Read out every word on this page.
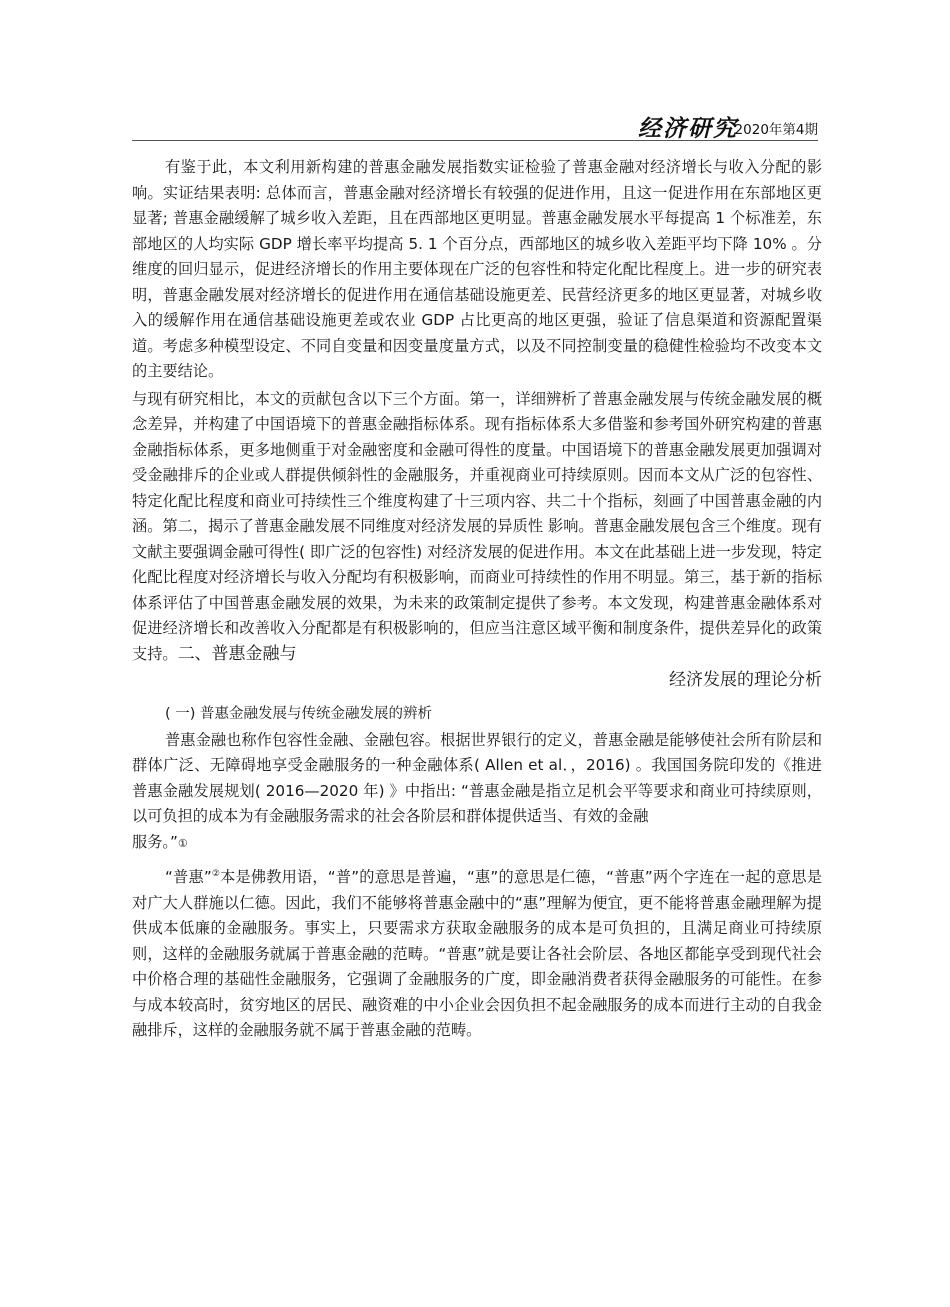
经济研究
2020年第4期

有鉴于此，本文利用新构建的普惠金融发展指数实证检验了普惠金融对经济增长与收入分配的影响。实证结果表明: 总体而言，普惠金融对经济增长有较强的促进作用，且这一促进作用在东部地区更显著; 普惠金融缓解了城乡收入差距，且在西部地区更明显。普惠金融发展水平每提高 1 个标准差，东部地区的人均实际 GDP 增长率平均提高 5. 1 个百分点，西部地区的城乡收入差距平均下降 10% 。分维度的回归显示，促进经济增长的作用主要体现在广泛的包容性和特定化配比程度上。进一步的研究表明，普惠金融发展对经济增长的促进作用在通信基础设施更差、民营经济更多的地区更显著，对城乡收入的缓解作用在通信基础设施更差或农业 GDP 占比更高的地区更强，验证了信息渠道和资源配置渠道。考虑多种模型设定、不同自变量和因变量度量方式，以及不同控制变量的稳健性检验均不改变本文的主要结论。

与现有研究相比，本文的贡献包含以下三个方面。第一，详细辨析了普惠金融发展与传统金融发展的概念差异，并构建了中国语境下的普惠金融指标体系。现有指标体系大多借鉴和参考国外研究构建的普惠金融指标体系，更多地侧重于对金融密度和金融可得性的度量。中国语境下的普惠金融发展更加强调对受金融排斥的企业或人群提供倾斜性的金融服务，并重视商业可持续原则。因而本文从广泛的包容性、特定化配比程度和商业可持续性三个维度构建了十三项内容、共二十个指标，刻画了中国普惠金融的内涵。第二，揭示了普惠金融发展不同维度对经济发展的异质性 影响。普惠金融发展包含三个维度。现有文献主要强调金融可得性( 即广泛的包容性) 对经济发展的促进作用。本文在此基础上进一步发现，特定化配比程度对经济增长与收入分配均有积极影响，而商业可持续性的作用不明显。第三，基于新的指标体系评估了中国普惠金融发展的效果，为未来的政策制定提供了参考。本文发现，构建普惠金融体系对促进经济增长和改善收入分配都是有积极影响的，但应当注意区域平衡和制度条件，提供差异化的政策支持。二、普惠金融与

经济发展的理论分析

( 一) 普惠金融发展与传统金融发展的辨析

普惠金融也称作包容性金融、金融包容。根据世界银行的定义，普惠金融是能够使社会所有阶层和群体广泛、无障碍地享受金融服务的一种金融体系( Allen et al．，2016) 。我国国务院印发的《推进普惠金融发展规划( 2016—2020 年) 》中指出: “普惠金融是指立足机会平等要求和商业可持续原则，以可负担的成本为有金融服务需求的社会各阶层和群体提供适当、有效的金融

服务。”①

“普惠”②本是佛教用语，“普”的意思是普遍，“惠”的意思是仁德，“普惠”两个字连在一起的意思是对广大人群施以仁德。因此，我们不能够将普惠金融中的“惠”理解为便宜，更不能将普惠金融理解为提供成本低廉的金融服务。事实上，只要需求方获取金融服务的成本是可负担的，且满足商业可持续原则，这样的金融服务就属于普惠金融的范畴。“普惠”就是要让各社会阶层、各地区都能享受到现代社会中价格合理的基础性金融服务，它强调了金融服务的广度，即金融消费者获得金融服务的可能性。在参与成本较高时，贫穷地区的居民、融资难的中小企业会因负担不起金融服务的成本而进行主动的自我金融排斥，这样的金融服务就不属于普惠金融的范畴。
